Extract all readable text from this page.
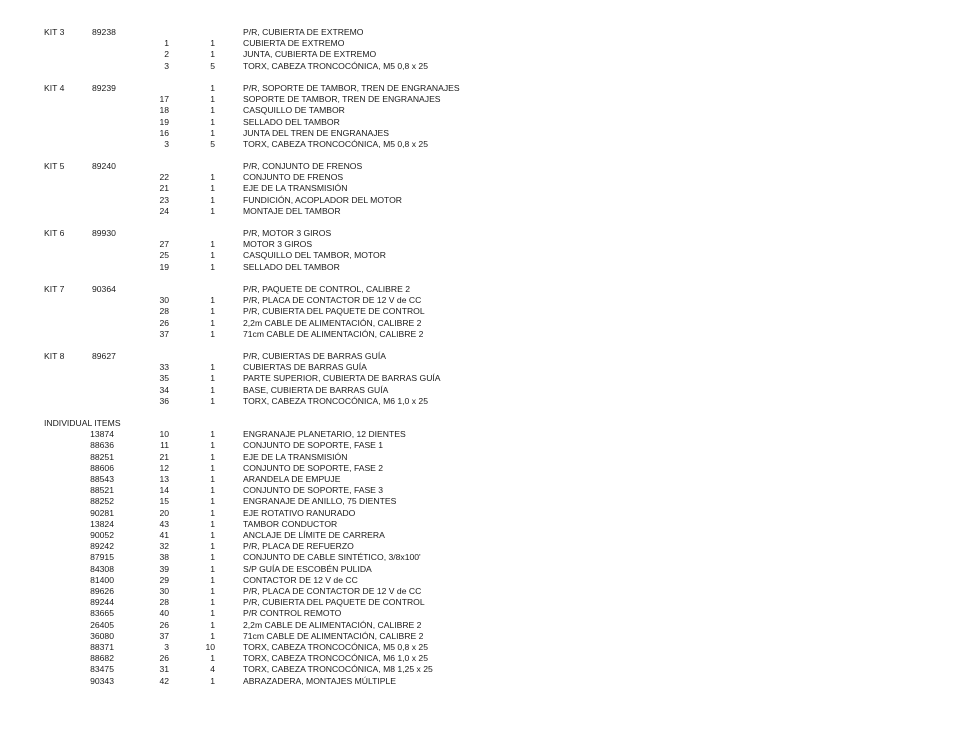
KIT 3	89238	P/R, CUBIERTA DE EXTREMO
1	1	CUBIERTA DE EXTREMO
2	1	JUNTA, CUBIERTA DE EXTREMO
3	5	TORX, CABEZA TRONCOCÓNICA, M5 0,8 x 25
KIT 4	89239	1	P/R, SOPORTE DE TAMBOR, TREN DE ENGRANAJES
17	1	SOPORTE DE TAMBOR, TREN DE ENGRANAJES
18	1	CASQUILLO DE TAMBOR
19	1	SELLADO DEL TAMBOR
16	1	JUNTA DEL TREN DE ENGRANAJES
3	5	TORX, CABEZA TRONCOCÓNICA, M5 0,8 x 25
KIT 5	89240	P/R, CONJUNTO DE FRENOS
22	1	CONJUNTO DE FRENOS
21	1	EJE DE LA TRANSMISIÓN
23	1	FUNDICIÓN, ACOPLADOR DEL MOTOR
24	1	MONTAJE DEL TAMBOR
KIT 6	89930	P/R, MOTOR 3 GIROS
27	1	MOTOR 3 GIROS
25	1	CASQUILLO DEL TAMBOR, MOTOR
19	1	SELLADO DEL TAMBOR
KIT 7	90364	P/R, PAQUETE DE CONTROL, CALIBRE 2
30	1	P/R, PLACA DE CONTACTOR DE 12 V de CC
28	1	P/R, CUBIERTA DEL PAQUETE DE CONTROL
26	1	2,2m CABLE DE ALIMENTACIÓN, CALIBRE 2
37	1	71cm CABLE DE ALIMENTACIÓN, CALIBRE 2
KIT 8	89627	P/R, CUBIERTAS DE BARRAS GUÍA
33	1	CUBIERTAS DE BARRAS GUÍA
35	1	PARTE SUPERIOR, CUBIERTA DE BARRAS GUÍA
34	1	BASE, CUBIERTA DE BARRAS GUÍA
36	1	TORX, CABEZA TRONCOCÓNICA, M6 1,0 x 25
INDIVIDUAL ITEMS
13874	10	1	ENGRANAJE PLANETARIO, 12 DIENTES
88636	11	1	CONJUNTO DE SOPORTE, FASE 1
88251	21	1	EJE DE LA TRANSMISIÓN
88606	12	1	CONJUNTO DE SOPORTE, FASE 2
88543	13	1	ARANDELA DE EMPUJE
88521	14	1	CONJUNTO DE SOPORTE, FASE 3
88252	15	1	ENGRANAJE DE ANILLO, 75 DIENTES
90281	20	1	EJE ROTATIVO RANURADO
13824	43	1	TAMBOR CONDUCTOR
90052	41	1	ANCLAJE DE LÍMITE DE CARRERA
89242	32	1	P/R, PLACA DE REFUERZO
87915	38	1	CONJUNTO DE CABLE SINTÉTICO, 3/8x100'
84308	39	1	S/P GUÍA DE ESCOBÉN PULIDA
81400	29	1	CONTACTOR DE 12 V de CC
89626	30	1	P/R, PLACA DE CONTACTOR DE 12 V de CC
89244	28	1	P/R, CUBIERTA DEL PAQUETE DE CONTROL
83665	40	1	P/R CONTROL REMOTO
26405	26	1	2,2m CABLE DE ALIMENTACIÓN, CALIBRE 2
36080	37	1	71cm CABLE DE ALIMENTACIÓN, CALIBRE 2
88371	3	10	TORX, CABEZA TRONCOCÓNICA, M5 0,8 x 25
88682	26	1	TORX, CABEZA TRONCOCÓNICA, M6 1,0 x 25
83475	31	4	TORX, CABEZA TRONCOCÓNICA, M8 1,25 x 25
90343	42	1	ABRAZADERA, MONTAJES MÚLTIPLE
